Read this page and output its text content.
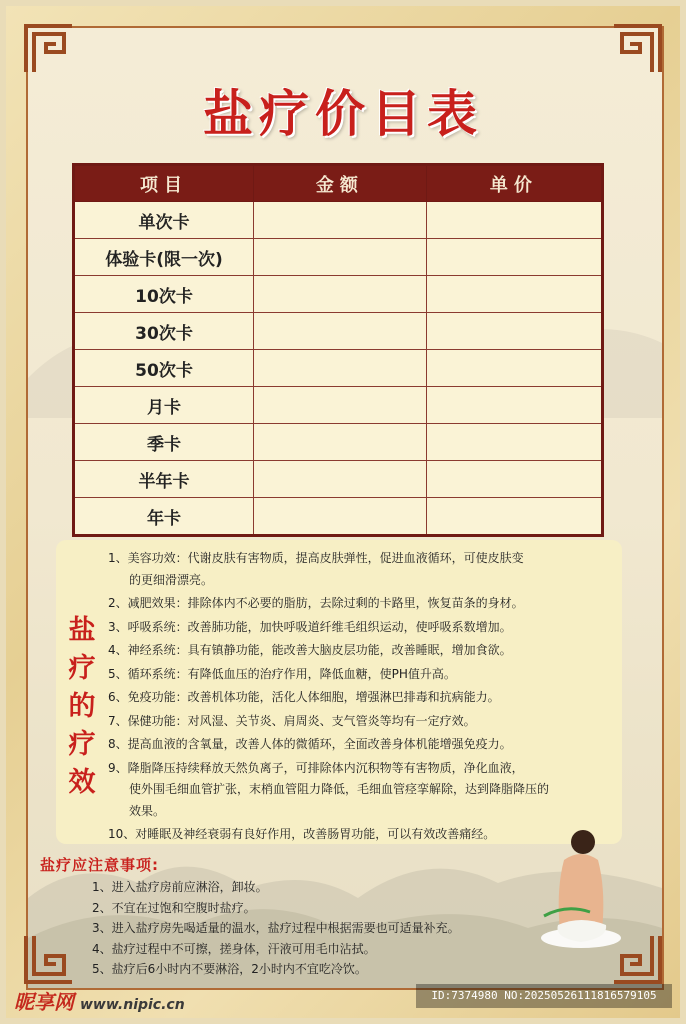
盐疗价目表
项目	金额	单价
单次卡		
体验卡(限一次)		
10次卡		
30次卡		
50次卡		
月卡		
季卡		
半年卡		
年卡		
盐
疗
的
疗
效
1、美容功效：代谢皮肤有害物质，提高皮肤弹性，促进血液循环，可使皮肤变
的更细滑漂亮。
2、减肥效果：排除体内不必要的脂肪，去除过剩的卡路里，恢复苗条的身材。
3、呼吸系统：改善肺功能，加快呼吸道纤维毛组织运动，使呼吸系数增加。
4、神经系统：具有镇静功能，能改善大脑皮层功能，改善睡眠，增加食欲。
5、循环系统：有降低血压的治疗作用，降低血糖，使PH值升高。
6、免疫功能：改善机体功能，活化人体细胞，增强淋巴排毒和抗病能力。
7、保健功能：对风湿、关节炎、肩周炎、支气管炎等均有一定疗效。
8、提高血液的含氧量，改善人体的微循环，全面改善身体机能增强免疫力。
9、降脂降压持续释放天然负离子，可排除体内沉积物等有害物质，净化血液，
使外围毛细血管扩张，末梢血管阻力降低，毛细血管痉挛解除，达到降脂降压的
效果。
10、对睡眠及神经衰弱有良好作用，改善肠胃功能，可以有效改善痛经。
盐疗应注意事项:
1、进入盐疗房前应淋浴，卸妆。
2、不宜在过饱和空腹时盐疗。
3、进入盐疗房先喝适量的温水，盐疗过程中根据需要也可适量补充。
4、盐疗过程中不可擦，搓身体，汗液可用毛巾沾拭。
5、盐疗后6小时内不要淋浴，2小时内不宜吃冷饮。
昵享网 www.nipic.cn
ID:7374980 NO:20250526111816579105
